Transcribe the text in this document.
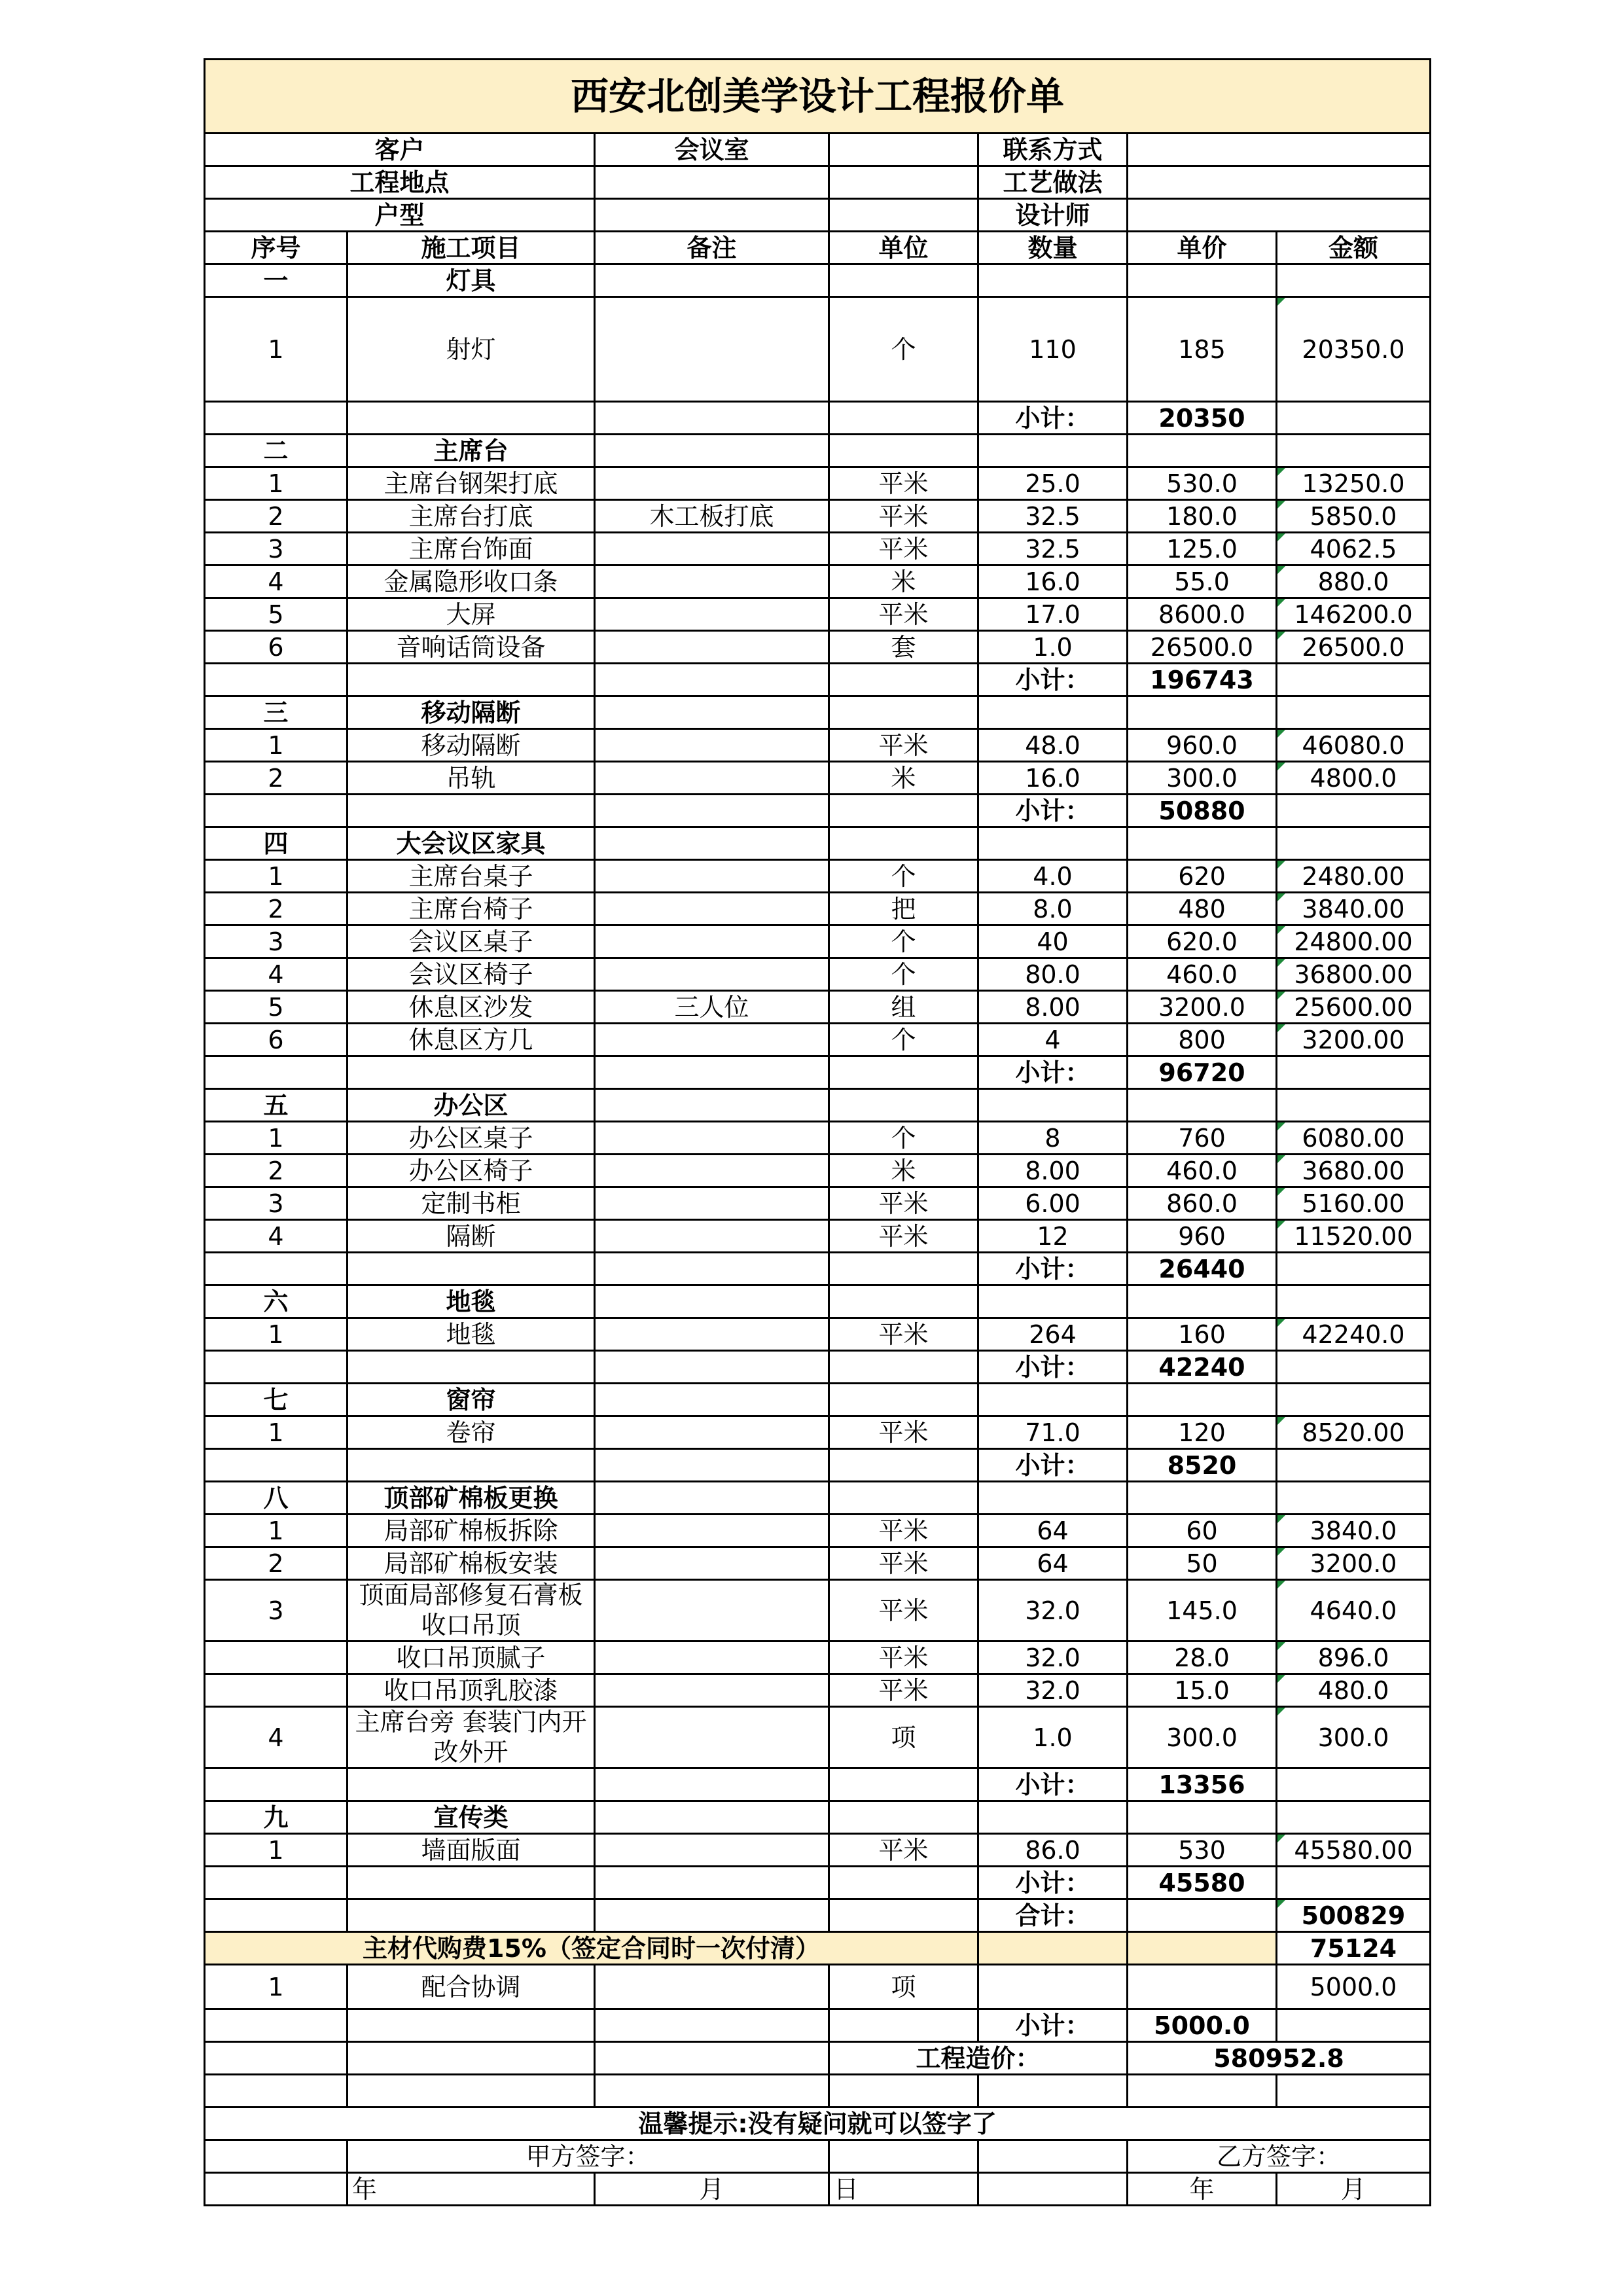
西安北创美学设计工程报价单						
客户		会议室		联系方式		
工程地点				工艺做法		
户型				设计师		
序号	施工项目	备注	单位	数量	单价	金额
一	灯具					
1	射灯		个	110	185	20350.0
				小计：	20350	
二	主席台					
1	主席台钢架打底		平米	25.0	530.0	13250.0
2	主席台打底	木工板打底	平米	32.5	180.0	5850.0
3	主席台饰面		平米	32.5	125.0	4062.5
4	金属隐形收口条		米	16.0	55.0	880.0
5	大屏		平米	17.0	8600.0	146200.0
6	音响话筒设备		套	1.0	26500.0	26500.0
				小计：	196743	
三	移动隔断					
1	移动隔断		平米	48.0	960.0	46080.0
2	吊轨		米	16.0	300.0	4800.0
				小计：	50880	
四	大会议区家具					
1	主席台桌子		个	4.0	620	2480.00
2	主席台椅子		把	8.0	480	3840.00
3	会议区桌子		个	40	620.0	24800.00
4	会议区椅子		个	80.0	460.0	36800.00
5	休息区沙发	三人位	组	8.00	3200.0	25600.00
6	休息区方几		个	4	800	3200.00
				小计：	96720	
五	办公区					
1	办公区桌子		个	8	760	6080.00
2	办公区椅子		米	8.00	460.0	3680.00
3	定制书柜		平米	6.00	860.0	5160.00
4	隔断		平米	12	960	11520.00
				小计：	26440	
六	地毯					
1	地毯		平米	264	160	42240.0
				小计：	42240	
七	窗帘					
1	卷帘		平米	71.0	120	8520.00
				小计：	8520	
八	顶部矿棉板更换					
1	局部矿棉板拆除		平米	64	60	3840.0
2	局部矿棉板安装		平米	64	50	3200.0
3	顶面局部修复石膏板收口吊顶		平米	32.0	145.0	4640.0
	收口吊顶腻子		平米	32.0	28.0	896.0
	收口吊顶乳胶漆		平米	32.0	15.0	480.0
4	主席台旁 套装门内开改外开		项	1.0	300.0	300.0
				小计：	13356	
九	宣传类					
1	墙面版面		平米	86.0	530	45580.00
				小计：	45580	
				合计：		500829
主材代购费15%（签定合同时一次付清）						75124
1	配合协调		项			5000.0
				小计：	5000.0	
			工程造价：		580952.8	

温馨提示:没有疑问就可以签字了						
	甲方签字：				乙方签字：	
	年	月	日		年	月
